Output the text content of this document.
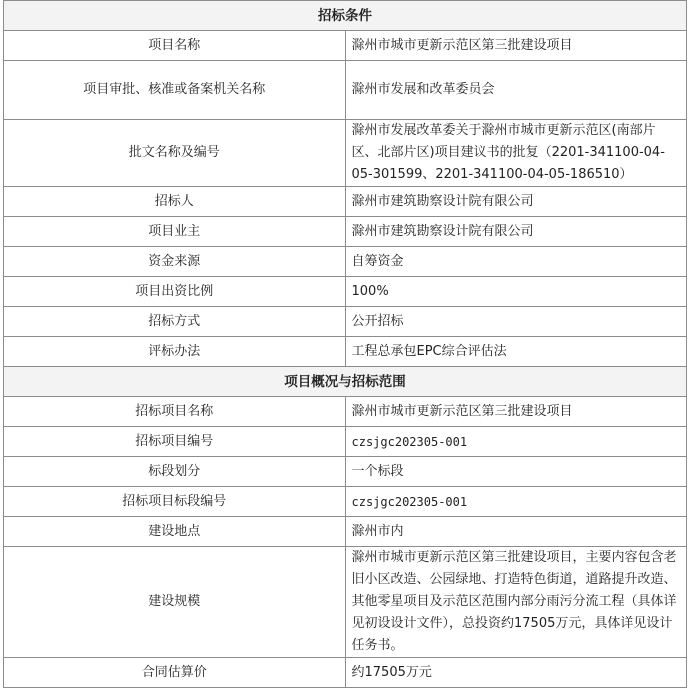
招标条件	
项目名称	滁州市城市更新示范区第三批建设项目
项目审批、核准或备案机关名称	滁州市发展和改革委员会
批文名称及编号	滁州市发展改革委关于滁州市城市更新示范区(南部片区、北部片区)项目建议书的批复（2201-341100-04-05-301599、2201-341100-04-05-186510）
招标人	滁州市建筑勘察设计院有限公司
项目业主	滁州市建筑勘察设计院有限公司
资金来源	自筹资金
项目出资比例	100%
招标方式	公开招标
评标办法	工程总承包EPC综合评估法
项目概况与招标范围	
招标项目名称	滁州市城市更新示范区第三批建设项目
招标项目编号	czsjgc202305-001
标段划分	一个标段
招标项目标段编号	czsjgc202305-001
建设地点	滁州市内
建设规模	滁州市城市更新示范区第三批建设项目，主要内容包含老旧小区改造、公园绿地、打造特色街道，道路提升改造、其他零星项目及示范区范围内部分雨污分流工程（具体详见初设设计文件），总投资约17505万元，具体详见设计任务书。
合同估算价	约17505万元
